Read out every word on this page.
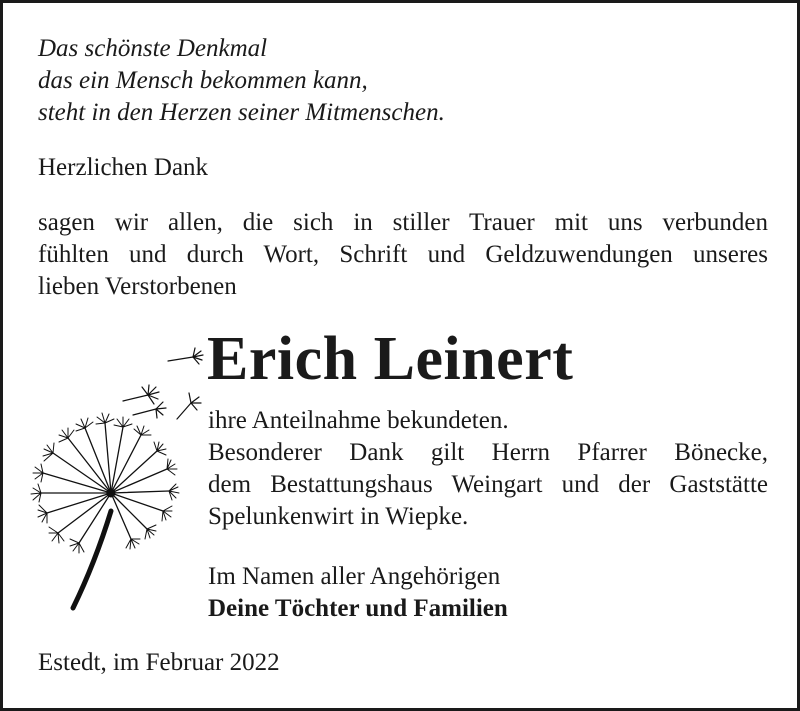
Das schönste Denkmal
das ein Mensch bekommen kann,
steht in den Herzen seiner Mitmenschen.
Herzlichen Dank
sagen wir allen, die sich in stiller Trauer mit uns verbunden
fühlten und durch Wort, Schrift und Geldzuwendungen unseres
lieben Verstorbenen
Erich Leinert
ihre Anteilnahme bekundeten.
Besonderer Dank gilt Herrn Pfarrer Bönecke,
dem Bestattungshaus Weingart und der Gaststätte
Spelunkenwirt in Wiepke.
Im Namen aller Angehörigen
Deine Töchter und Familien
Estedt, im Februar 2022
